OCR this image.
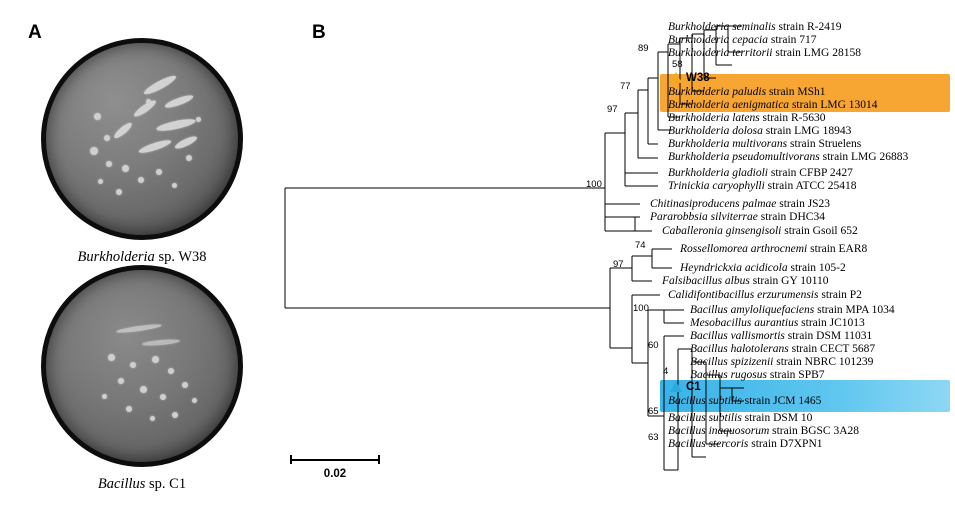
A	B
Burkholderia sp. W38
Bacillus sp. C1
89
58
77
97
100
74
97
100
60
4
65
63
Burkholderia seminalis strain R-2419
Burkholderia cepacia strain 717
Burkholderia territorii strain LMG 28158
W38
Burkholderia paludis strain MSh1
Burkholderia aenigmatica strain LMG 13014
Burkholderia latens strain R-5630
Burkholderia dolosa strain LMG 18943
Burkholderia multivorans strain Struelens
Burkholderia pseudomultivorans strain LMG 26883
Burkholderia gladioli strain CFBP 2427
Trinickia caryophylli strain ATCC 25418
Chitinasiproducens palmae strain JS23
Pararobbsia silviterrae strain DHC34
Caballeronia ginsengisoli strain Gsoil 652
Rossellomorea arthrocnemi strain EAR8
Heyndrickxia acidicola strain 105-2
Falsibacillus albus strain GY 10110
Calidifontibacillus erzurumensis strain P2
Bacillus amyloliquefaciens strain MPA 1034
Mesobacillus aurantius strain JC1013
Bacillus vallismortis strain DSM 11031
Bacillus halotolerans strain CECT 5687
Bacillus spizizenii strain NBRC 101239
Bacillus rugosus strain SPB7
C1
Bacillus subtilis strain JCM 1465
Bacillus subtilis strain DSM 10
Bacillus inaquosorum strain BGSC 3A28
Bacillus stercoris strain D7XPN1
0.02
